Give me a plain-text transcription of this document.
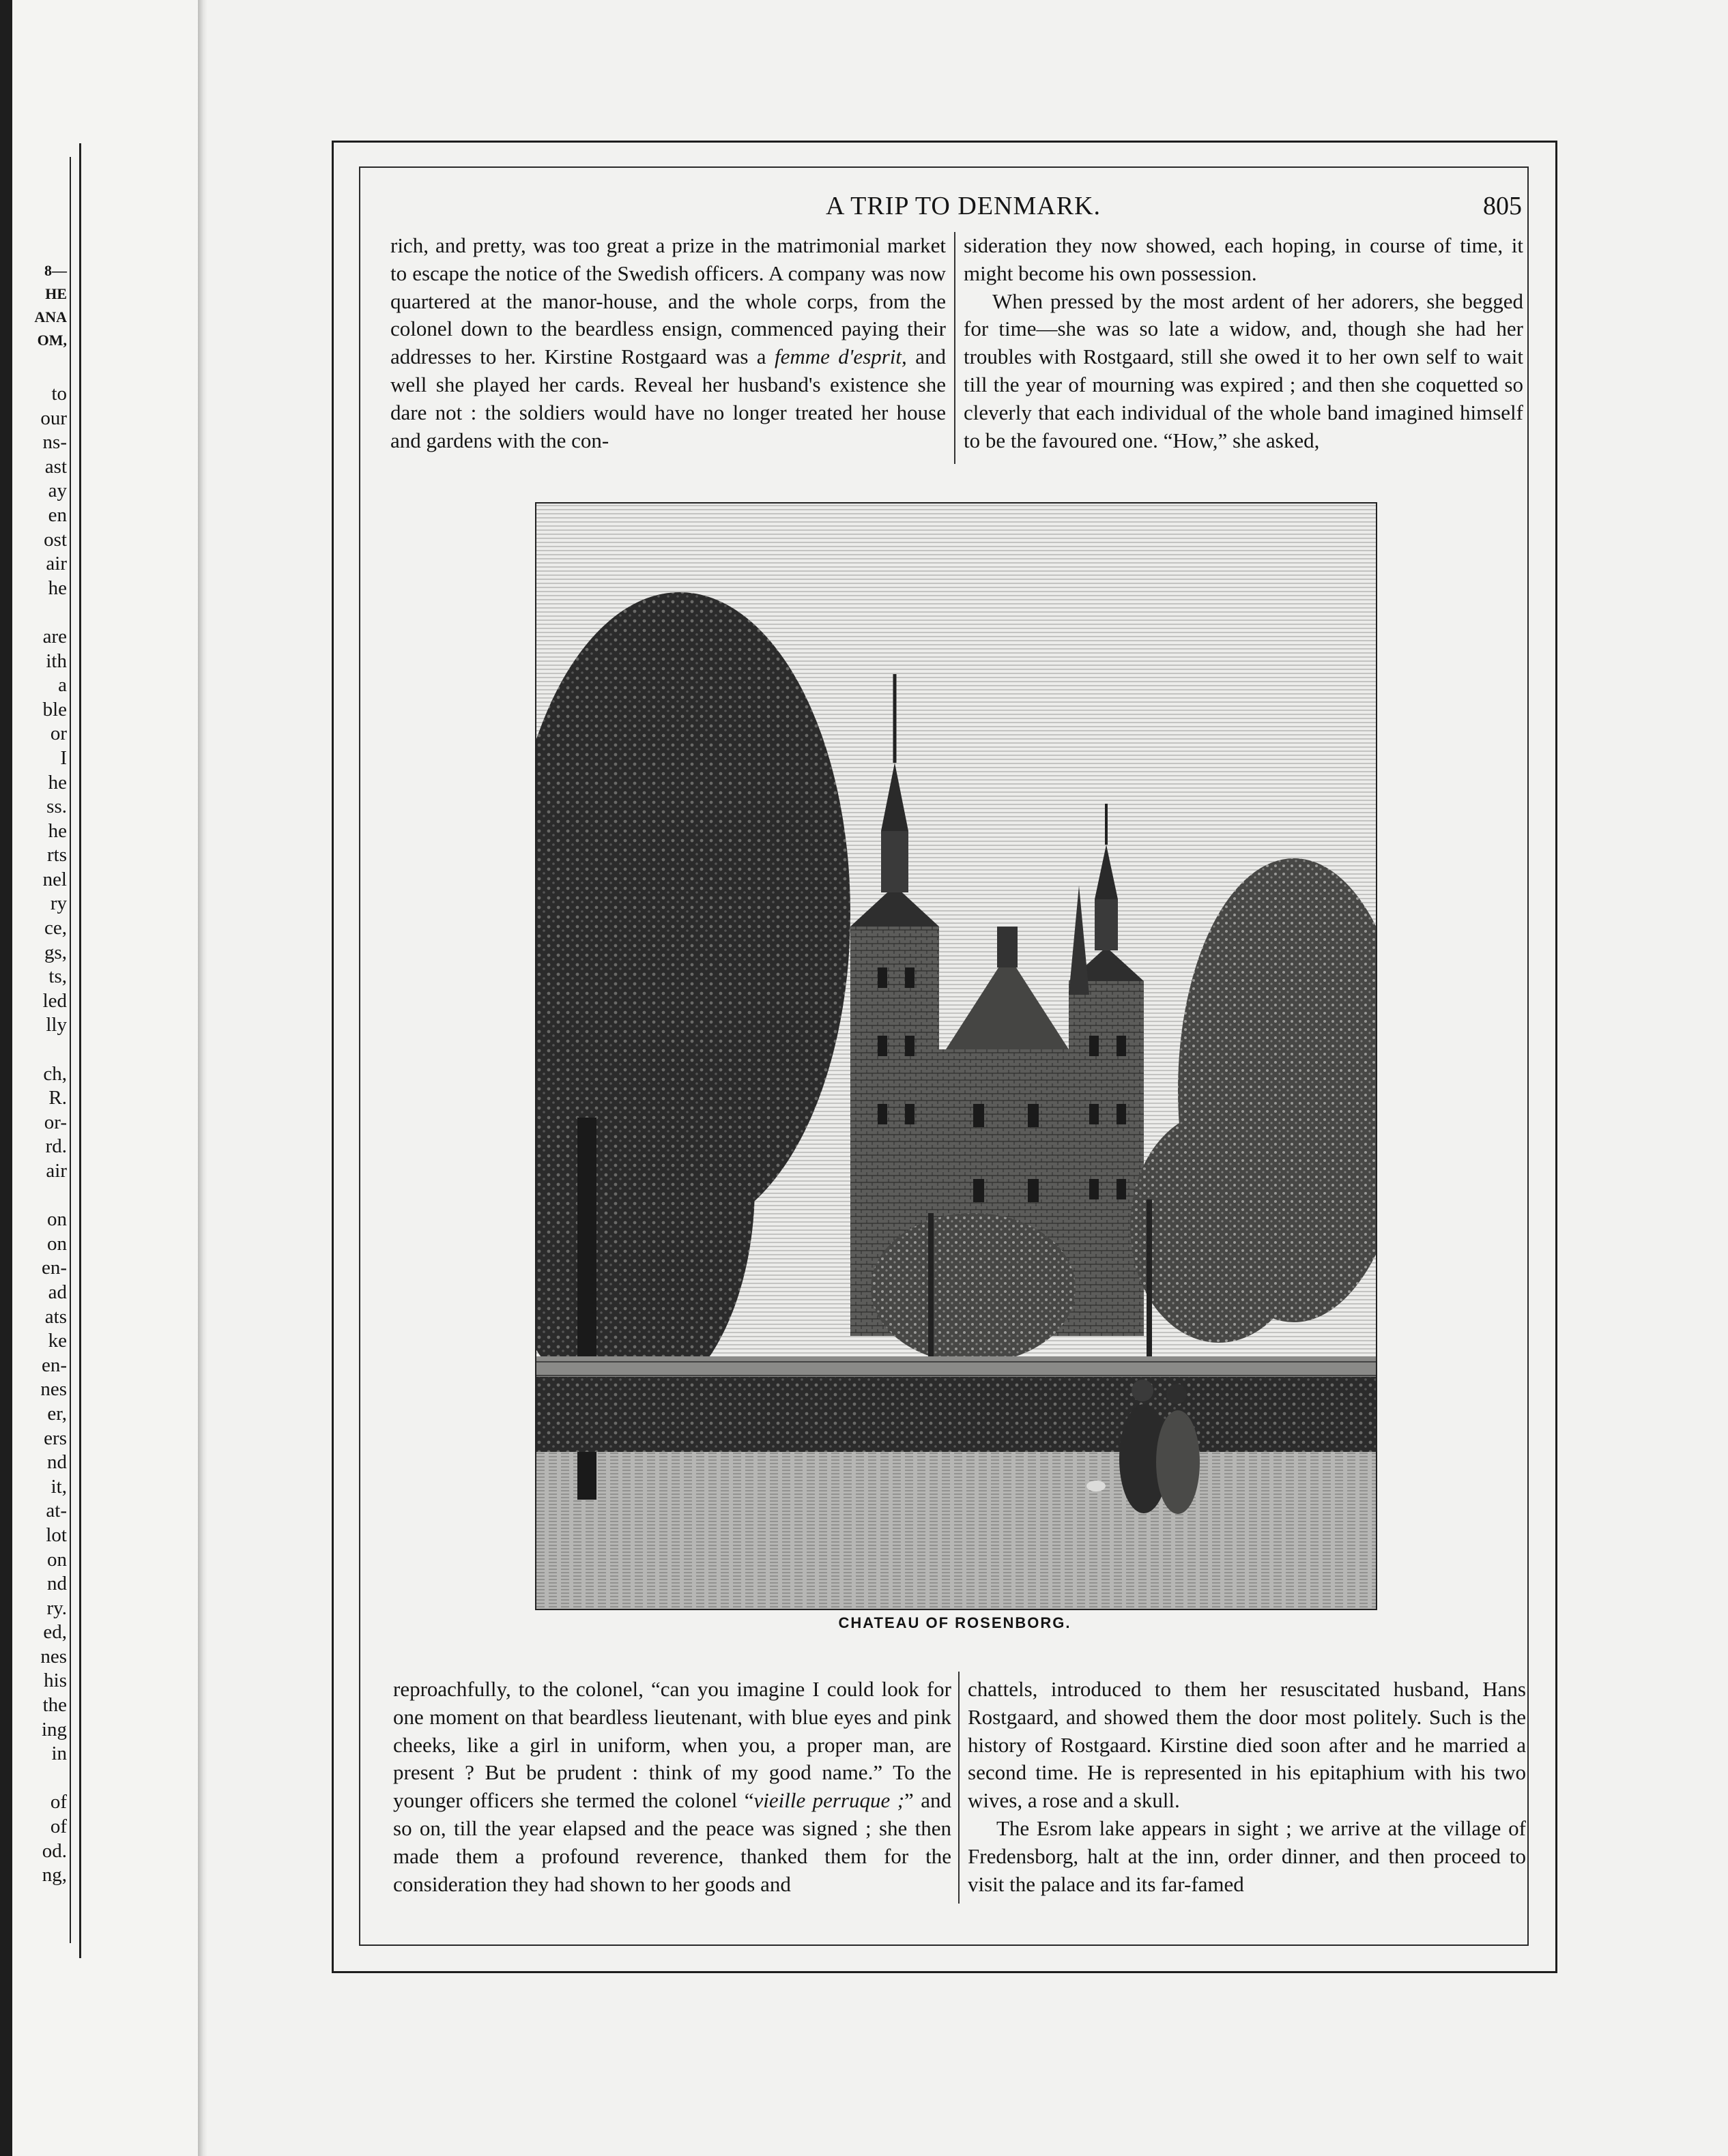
8—
HE
ANA
OM,
to
our
ns-
ast
ay
en
ost
air
he

are
ith
a
ble
or
I
he
ss.
he
rts
nel
ry
ce,
gs,
ts,
led
lly

ch,
R.
or-
rd.
air

on
on
en-
ad
ats
ke
en-
nes
er,
ers
nd
it,
at-
lot
on
nd
ry.
ed,
nes
his
the
ing
in

of
of
od.
ng,
A TRIP TO DENMARK.	805

rich, and pretty, was too great a prize in the matrimonial market to escape the notice of the Swedish officers. A company was now quartered at the manor-house, and the whole corps, from the colonel down to the beardless ensign, commenced paying their addresses to her. Kirstine Rostgaard was a femme d'esprit, and well she played her cards. Reveal her husband's existence she dare not : the soldiers would have no longer treated her house and gardens with the con-

sideration they now showed, each hoping, in course of time, it might become his own possession.

When pressed by the most ardent of her adorers, she begged for time—she was so late a widow, and, though she had her troubles with Rostgaard, still she owed it to her own self to wait till the year of mourning was expired ; and then she coquetted so cleverly that each individual of the whole band imagined himself to be the favoured one. “How,” she asked,

CHATEAU OF ROSENBORG.

reproachfully, to the colonel, “can you imagine I could look for one moment on that beardless lieutenant, with blue eyes and pink cheeks, like a girl in uniform, when you, a proper man, are present ? But be prudent : think of my good name.” To the younger officers she termed the colonel “vieille perruque ;” and so on, till the year elapsed and the peace was signed ; she then made them a profound reverence, thanked them for the consideration they had shown to her goods and

chattels, introduced to them her resuscitated husband, Hans Rostgaard, and showed them the door most politely. Such is the history of Rostgaard. Kirstine died soon after and he married a second time. He is represented in his epitaphium with his two wives, a rose and a skull.

The Esrom lake appears in sight ; we arrive at the village of Fredensborg, halt at the inn, order dinner, and then proceed to visit the palace and its far-famed
